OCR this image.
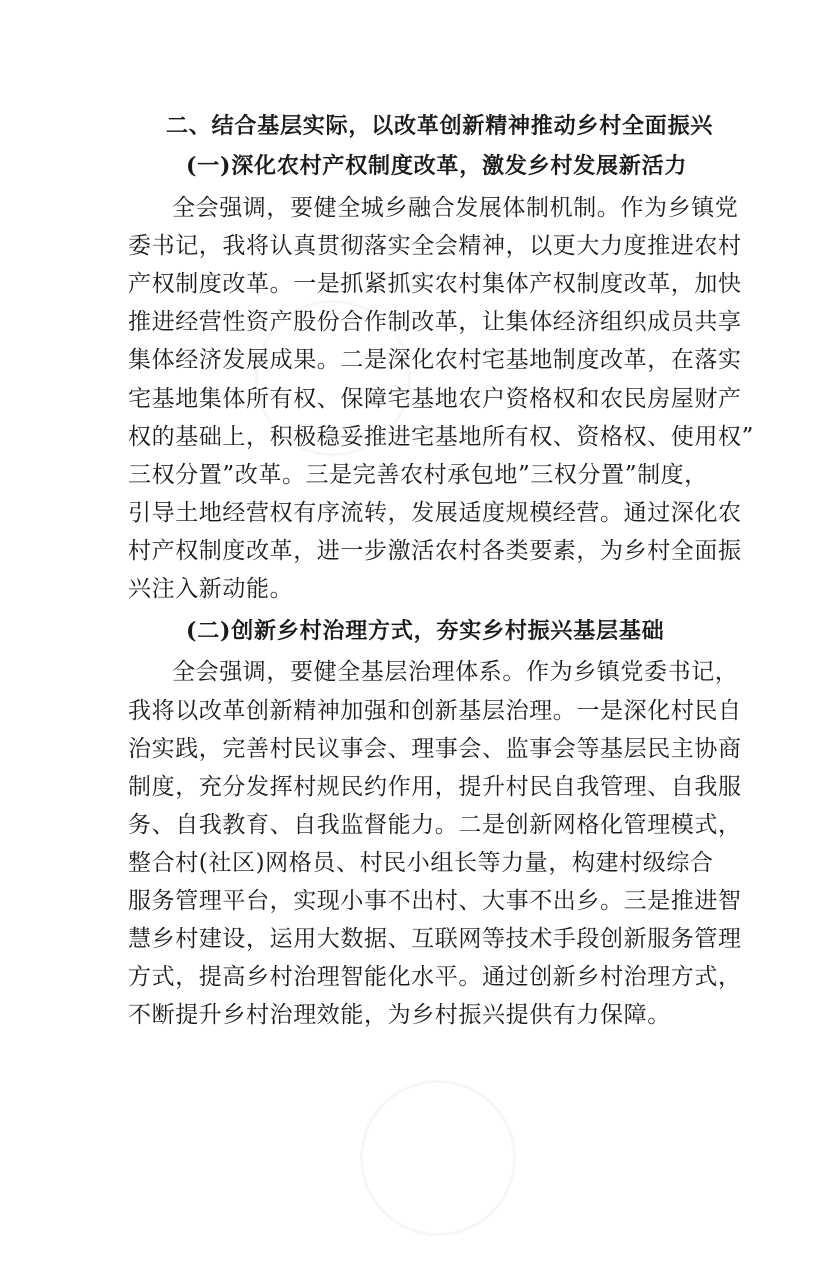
二、结合基层实际，以改革创新精神推动乡村全面振兴
(一)深化农村产权制度改革，激发乡村发展新活力
全会强调，要健全城乡融合发展体制机制。作为乡镇党
委书记，我将认真贯彻落实全会精神，以更大力度推进农村
产权制度改革。一是抓紧抓实农村集体产权制度改革，加快
推进经营性资产股份合作制改革，让集体经济组织成员共享
集体经济发展成果。二是深化农村宅基地制度改革，在落实
宅基地集体所有权、保障宅基地农户资格权和农民房屋财产
权的基础上，积极稳妥推进宅基地所有权、资格权、使用权”
三权分置”改革。三是完善农村承包地”三权分置”制度，
引导土地经营权有序流转，发展适度规模经营。通过深化农
村产权制度改革，进一步激活农村各类要素，为乡村全面振
兴注入新动能。
(二)创新乡村治理方式，夯实乡村振兴基层基础
全会强调，要健全基层治理体系。作为乡镇党委书记，
我将以改革创新精神加强和创新基层治理。一是深化村民自
治实践，完善村民议事会、理事会、监事会等基层民主协商
制度，充分发挥村规民约作用，提升村民自我管理、自我服
务、自我教育、自我监督能力。二是创新网格化管理模式，
整合村(社区)网格员、村民小组长等力量，构建村级综合
服务管理平台，实现小事不出村、大事不出乡。三是推进智
慧乡村建设，运用大数据、互联网等技术手段创新服务管理
方式，提高乡村治理智能化水平。通过创新乡村治理方式，
不断提升乡村治理效能，为乡村振兴提供有力保障。
